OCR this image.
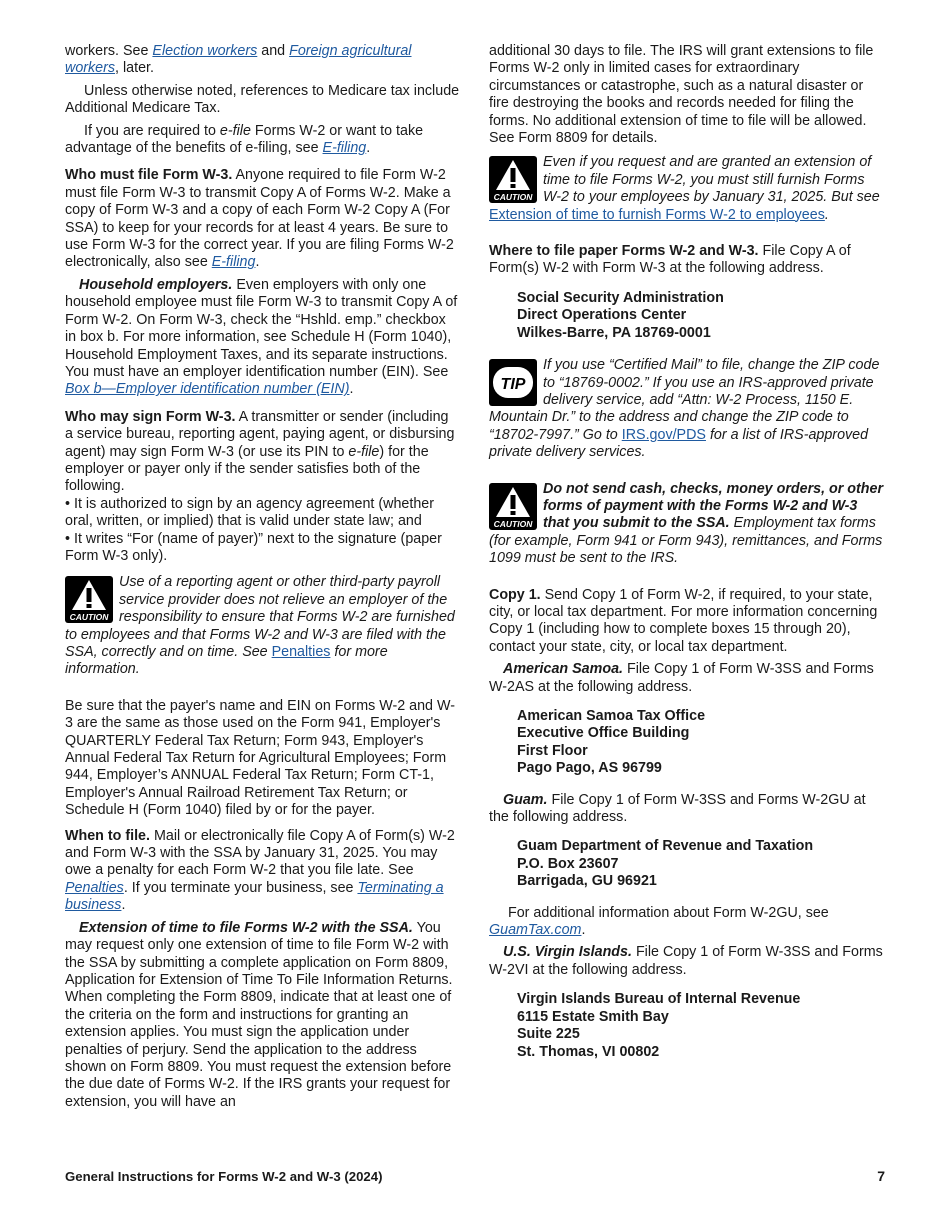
workers. See Election workers and Foreign agricultural workers, later.

Unless otherwise noted, references to Medicare tax include Additional Medicare Tax.

If you are required to e-file Forms W-2 or want to take advantage of the benefits of e-filing, see E-filing.

Who must file Form W-3. Anyone required to file Form W-2 must file Form W-3 to transmit Copy A of Forms W-2. Make a copy of Form W-3 and a copy of each Form W-2 Copy A (For SSA) to keep for your records for at least 4 years. Be sure to use Form W-3 for the correct year. If you are filing Forms W-2 electronically, also see E-filing.

Household employers. Even employers with only one household employee must file Form W-3 to transmit Copy A of Form W-2. On Form W-3, check the “Hshld. emp.” checkbox in box b. For more information, see Schedule H (Form 1040), Household Employment Taxes, and its separate instructions. You must have an employer identification number (EIN). See Box b—Employer identification number (EIN).

Who may sign Form W-3. A transmitter or sender (including a service bureau, reporting agent, paying agent, or disbursing agent) may sign Form W-3 (or use its PIN to e-file) for the employer or payer only if the sender satisfies both of the following.

• It is authorized to sign by an agency agreement (whether oral, written, or implied) that is valid under state law; and

• It writes “For (name of payer)” next to the signature (paper Form W-3 only).

CAUTION
Use of a reporting agent or other third-party payroll service provider does not relieve an employer of the responsibility to ensure that Forms W-2 are furnished to employees and that Forms W-2 and W-3 are filed with the SSA, correctly and on time. See Penalties for more information.

Be sure that the payer's name and EIN on Forms W-2 and W-3 are the same as those used on the Form 941, Employer's QUARTERLY Federal Tax Return; Form 943, Employer's Annual Federal Tax Return for Agricultural Employees; Form 944, Employer’s ANNUAL Federal Tax Return; Form CT-1, Employer's Annual Railroad Retirement Tax Return; or Schedule H (Form 1040) filed by or for the payer.

When to file. Mail or electronically file Copy A of Form(s) W-2 and Form W-3 with the SSA by January 31, 2025. You may owe a penalty for each Form W-2 that you file late. See Penalties. If you terminate your business, see Terminating a business.

Extension of time to file Forms W-2 with the SSA. You may request only one extension of time to file Form W-2 with the SSA by submitting a complete application on Form 8809, Application for Extension of Time To File Information Returns. When completing the Form 8809, indicate that at least one of the criteria on the form and instructions for granting an extension applies. You must sign the application under penalties of perjury. Send the application to the address shown on Form 8809. You must request the extension before the due date of Forms W-2. If the IRS grants your request for extension, you will have an

additional 30 days to file. The IRS will grant extensions to file Forms W-2 only in limited cases for extraordinary circumstances or catastrophe, such as a natural disaster or fire destroying the books and records needed for filing the forms. No additional extension of time to file will be allowed. See Form 8809 for details.

CAUTION
Even if you request and are granted an extension of time to file Forms W-2, you must still furnish Forms W-2 to your employees by January 31, 2025. But see Extension of time to furnish Forms W-2 to employees.

Where to file paper Forms W-2 and W-3. File Copy A of Form(s) W-2 with Form W-3 at the following address.

Social Security Administration
Direct Operations Center
Wilkes-Barre, PA 18769-0001
TIP
If you use “Certified Mail” to file, change the ZIP code to “18769-0002.” If you use an IRS-approved private delivery service, add “Attn: W-2 Process, 1150 E. Mountain Dr.” to the address and change the ZIP code to “18702-7997.” Go to IRS.gov/PDS for a list of IRS-approved private delivery services.
CAUTION
Do not send cash, checks, money orders, or other forms of payment with the Forms W-2 and W-3 that you submit to the SSA. Employment tax forms (for example, Form 941 or Form 943), remittances, and Forms 1099 must be sent to the IRS.

Copy 1. Send Copy 1 of Form W-2, if required, to your state, city, or local tax department. For more information concerning Copy 1 (including how to complete boxes 15 through 20), contact your state, city, or local tax department.

American Samoa. File Copy 1 of Form W-3SS and Forms W-2AS at the following address.

American Samoa Tax Office
Executive Office Building
First Floor
Pago Pago, AS 96799

Guam. File Copy 1 of Form W-3SS and Forms W-2GU at the following address.

Guam Department of Revenue and Taxation
P.O. Box 23607
Barrigada, GU 96921

For additional information about Form W-2GU, see GuamTax.com.

U.S. Virgin Islands. File Copy 1 of Form W-3SS and Forms W-2VI at the following address.

Virgin Islands Bureau of Internal Revenue
6115 Estate Smith Bay
Suite 225
St. Thomas, VI 00802
General Instructions for Forms W-2 and W-3 (2024)	7
